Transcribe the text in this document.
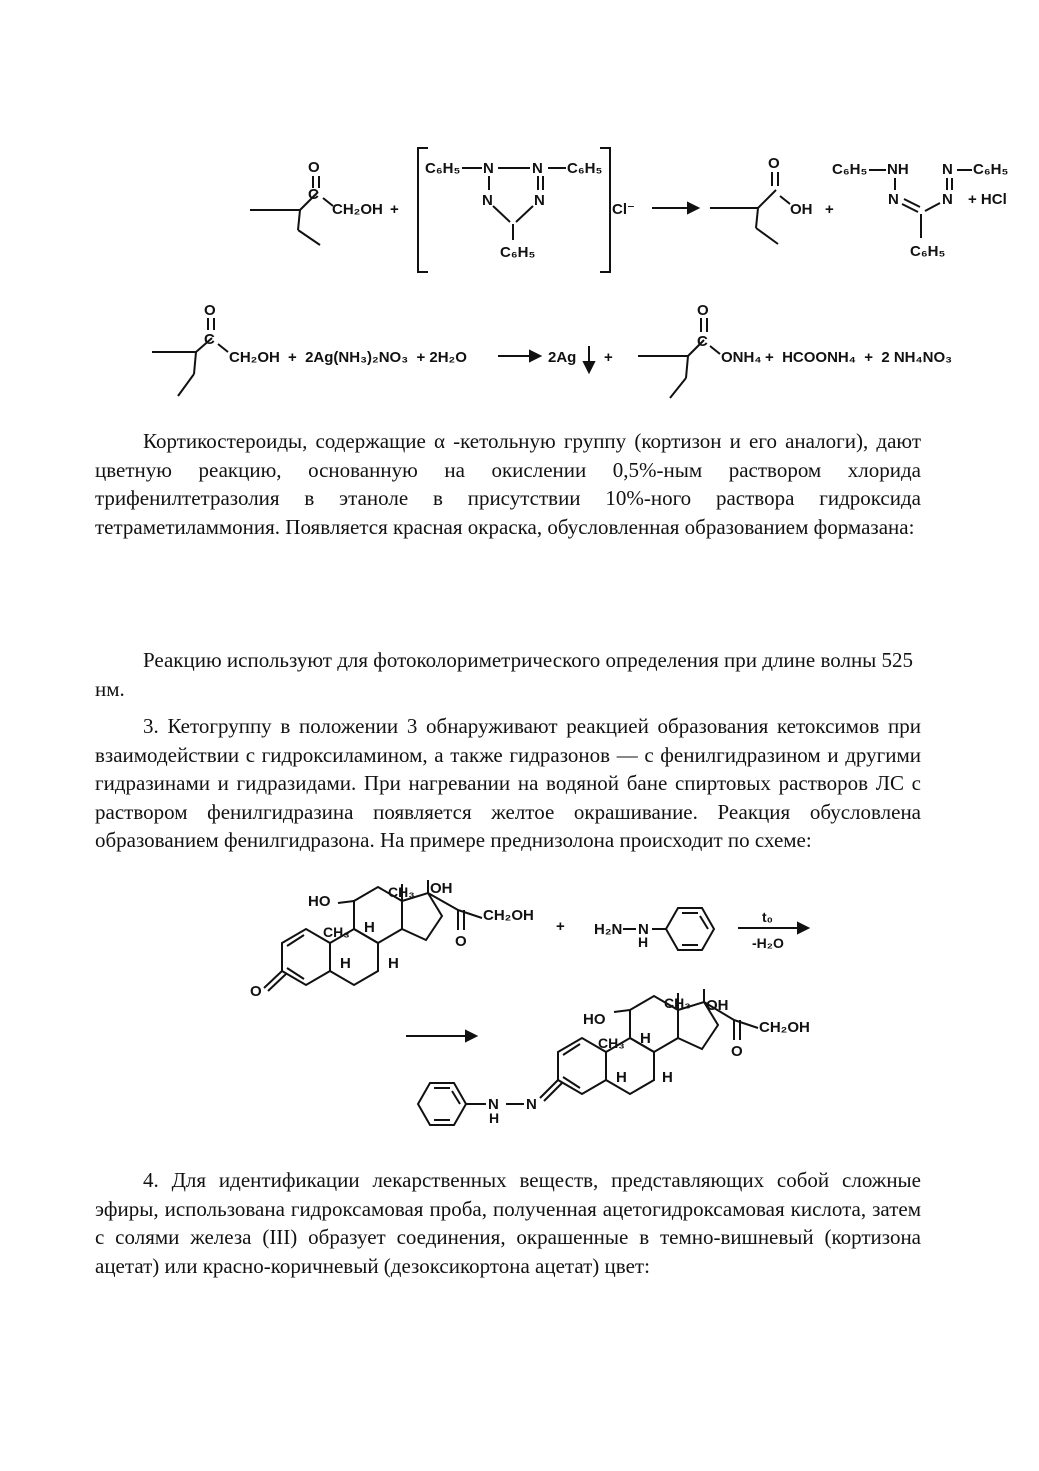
O
C
CH₂OH +
C₆H₅ N	N C₆H₅
N	N
C₆H₅
Cl⁻
O
OH +
C₆H₅ NH N C₆H₅
N	N
C₆H₅
+ HCl
O
C
CH₂OH +  2Ag(NH₃)₂NO₃  + 2H₂O	2Ag +
O
C
ONH₄ +  HCOONH₄  +  2 NH₄NO₃
HO
CH₃ OH
CH₂OH
CH₃ H
H H
O
O
+ H₂N N
H
t₀
-H₂O
HO
CH₃ OH
CH₂OH
CH₃ H
H H
O
N
H
N

Кортикостероиды, содержащие α -кетольную группу (кортизон и его аналоги), дают цветную реакцию, основанную на окислении 0,5%-ным раствором хлорида трифенилтетразолия в этаноле в присутствии 10%-ного раствора гидроксида тетраметиламмония. Появляется красная окраска, обусловленная образованием формазана:

Реакцию используют для фотоколориметрического определения при длине волны 525 нм.

3. Кетогруппу в положении 3 обнаруживают реакцией образования кетоксимов при взаимодействии с гидроксиламином, а также гидразонов — с фенилгидразином и другими гидразинами и гидразидами. При нагревании на водяной бане спиртовых растворов ЛС с раствором фенилгидразина появляется желтое окрашивание. Реакция обусловлена образованием фенилгидразона. На примере преднизолона происходит по схеме:

4. Для идентификации лекарственных веществ, представляющих собой сложные эфиры, использована гидроксамовая проба, полученная ацетогидроксамовая кислота, затем с солями железа (III) образует соединения, окрашенные в темно-вишневый (кортизона ацетат) или красно-коричневый (дезоксикортона ацетат) цвет:
